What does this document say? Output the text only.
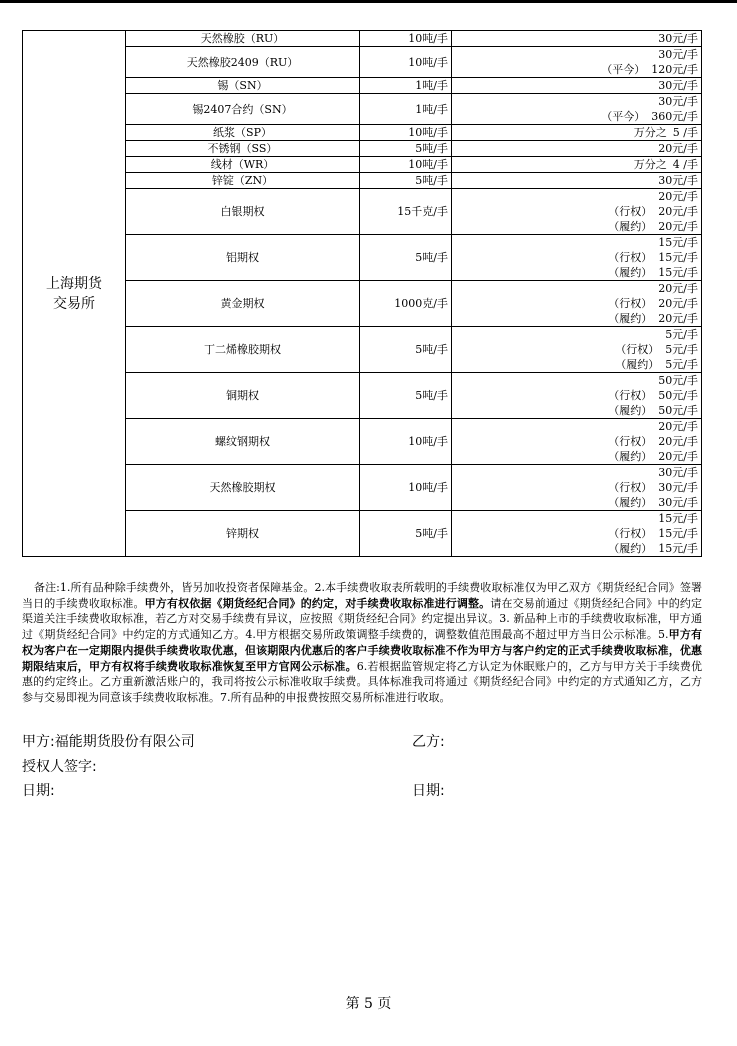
上海期货
交易所	天然橡胶（RU）	10吨/手	30元/手

	天然橡胶2409（RU）	10吨/手	30元/手
（平今） 120元/手

	锡（SN）	1吨/手	30元/手

	锡2407合约（SN）	1吨/手	30元/手
（平今） 360元/手

	纸浆（SP）	10吨/手	万分之 5 /手

	不锈钢（SS）	5吨/手	20元/手

	线材（WR）	10吨/手	万分之 4 /手

	锌锭（ZN）	5吨/手	30元/手

	白银期权	15千克/手	20元/手
（行权） 20元/手
（履约） 20元/手

	铝期权	5吨/手	15元/手
（行权） 15元/手
（履约） 15元/手

	黄金期权	1000克/手	20元/手
（行权） 20元/手
（履约） 20元/手

	丁二烯橡胶期权	5吨/手	5元/手
（行权） 5元/手
（履约） 5元/手

	铜期权	5吨/手	50元/手
（行权） 50元/手
（履约） 50元/手

	螺纹钢期权	10吨/手	20元/手
（行权） 20元/手
（履约） 20元/手

	天然橡胶期权	10吨/手	30元/手
（行权） 30元/手
（履约） 30元/手

	锌期权	5吨/手	15元/手
（行权） 15元/手
（履约） 15元/手
备注:1.所有品种除手续费外，皆另加收投资者保障基金。2.本手续费收取表所载明的手续费收取标准仅为甲乙双方《期货经纪合同》签署当日的手续费收取标准。甲方有权依据《期货经纪合同》的约定，对手续费收取标准进行调整。请在交易前通过《期货经纪合同》中的约定渠道关注手续费收取标准，若乙方对交易手续费有异议，应按照《期货经纪合同》约定提出异议。3. 新品种上市的手续费收取标准，甲方通过《期货经纪合同》中约定的方式通知乙方。4.甲方根据交易所政策调整手续费的，调整数值范围最高不超过甲方当日公示标准。5.甲方有权为客户在一定期限内提供手续费收取优惠，但该期限内优惠后的客户手续费收取标准不作为甲方与客户约定的正式手续费收取标准，优惠期限结束后，甲方有权将手续费收取标准恢复至甲方官网公示标准。6.若根据监管规定将乙方认定为休眠账户的，乙方与甲方关于手续费优惠的约定终止。乙方重新激活账户的，我司将按公示标准收取手续费。具体标准我司将通过《期货经纪合同》中约定的方式通知乙方，乙方参与交易即视为同意该手续费收取标准。7.所有品种的申报费按照交易所标准进行收取。
甲方:福能期货股份有限公司	乙方:
授权人签字:
日期:	日期:
第 5 页
